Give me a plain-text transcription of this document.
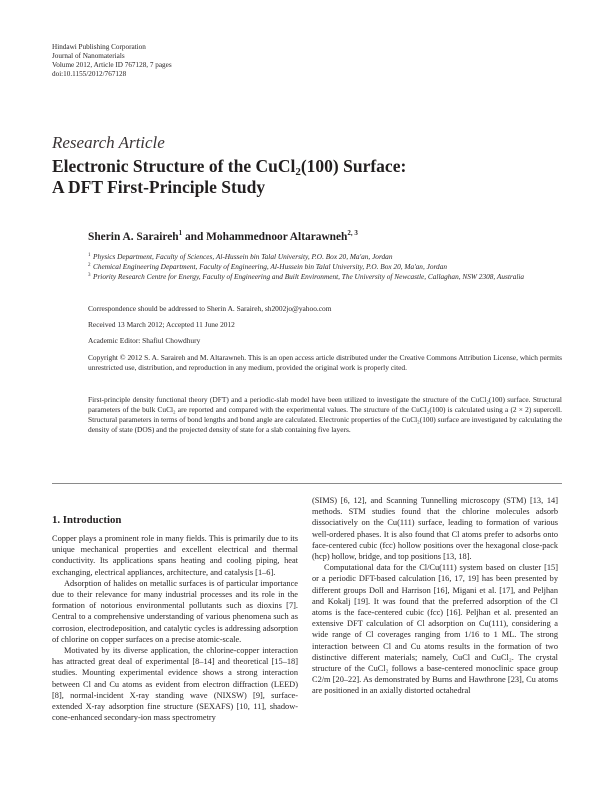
Hindawi Publishing Corporation
Journal of Nanomaterials
Volume 2012, Article ID 767128, 7 pages
doi:10.1155/2012/767128
Research Article
Electronic Structure of the CuCl$_2$(100) Surface:
A DFT First-Principle Study
Sherin A. Saraireh$^1$ and Mohammednoor Altarawneh$^{2, 3}$
1 Physics Department, Faculty of Sciences, Al-Hussein bin Talal University, P.O. Box 20, Ma'an, Jordan
2 Chemical Engineering Department, Faculty of Engineering, Al-Hussein bin Talal University, P.O. Box 20, Ma'an, Jordan
3 Priority Research Centre for Energy, Faculty of Engineering and Built Environment, The University of Newcastle, Callaghan, NSW 2308, Australia
Correspondence should be addressed to Sherin A. Saraireh, sh2002jo@yahoo.com
Received 13 March 2012; Accepted 11 June 2012
Academic Editor: Shafiul Chowdhury
Copyright © 2012 S. A. Saraireh and M. Altarawneh. This is an open access article distributed under the Creative Commons Attribution License, which permits unrestricted use, distribution, and reproduction in any medium, provided the original work is properly cited.
First-principle density functional theory (DFT) and a periodic-slab model have been utilized to investigate the structure of the CuCl₂(100) surface. Structural parameters of the bulk CuCl₂ are reported and compared with the experimental values. The structure of the CuCl₂(100) is calculated using a (2 × 2) supercell. Structural parameters in terms of bond lengths and bond angle are calculated. Electronic properties of the CuCl₂(100) surface are investigated by calculating the density of state (DOS) and the projected density of state for a slab containing five layers.
1. Introduction

Copper plays a prominent role in many fields. This is primarily due to its unique mechanical properties and excellent electrical and thermal conductivity. Its applications spans heating and cooling piping, heat exchanging, electrical appliances, architecture, and catalysis [1–6].

Adsorption of halides on metallic surfaces is of particular importance due to their relevance for many industrial processes and its role in the formation of notorious environmental pollutants such as dioxins [7]. Central to a comprehensive understanding of various phenomena such as corrosion, electrodeposition, and catalytic cycles is addressing adsorption of chlorine on copper surfaces on a precise atomic-scale.

Motivated by its diverse application, the chlorine-copper interaction has attracted great deal of experimental [8–14] and theoretical [15–18] studies. Mounting experimental evidence shows a strong interaction between Cl and Cu atoms as evident from electron diffraction (LEED) [8], normal-incident X-ray standing wave (NIXSW) [9], surface-extended X-ray adsorption fine structure (SEXAFS) [10, 11], shadow-cone-enhanced secondary-ion mass spectrometry

(SIMS) [6, 12], and Scanning Tunnelling microscopy (STM) [13, 14] methods. STM studies found that the chlorine molecules adsorb dissociatively on the Cu(111) surface, leading to formation of various well-ordered phases. It is also found that Cl atoms prefer to adsorbs onto face-centered cubic (fcc) hollow positions over the hexagonal close-pack (hcp) hollow, bridge, and top positions [13, 18].

Computational data for the Cl/Cu(111) system based on cluster [15] or a periodic DFT-based calculation [16, 17, 19] has been presented by different groups Doll and Harrison [16], Migani et al. [17], and Peljhan and Kokalj [19]. It was found that the preferred adsorption of the Cl atoms is the face-centered cubic (fcc) [16]. Peljhan et al. presented an extensive DFT calculation of Cl adsorption on Cu(111), considering a wide range of Cl coverages ranging from 1/16 to 1 ML. The strong interaction between Cl and Cu atoms results in the formation of two distinctive different materials; namely, CuCl and CuCl₂. The crystal structure of the CuCl₂ follows a base-centered monoclinic space group C2/m [20–22]. As demonstrated by Burns and Hawthrone [23], Cu atoms are positioned in an axially distorted octahedral
